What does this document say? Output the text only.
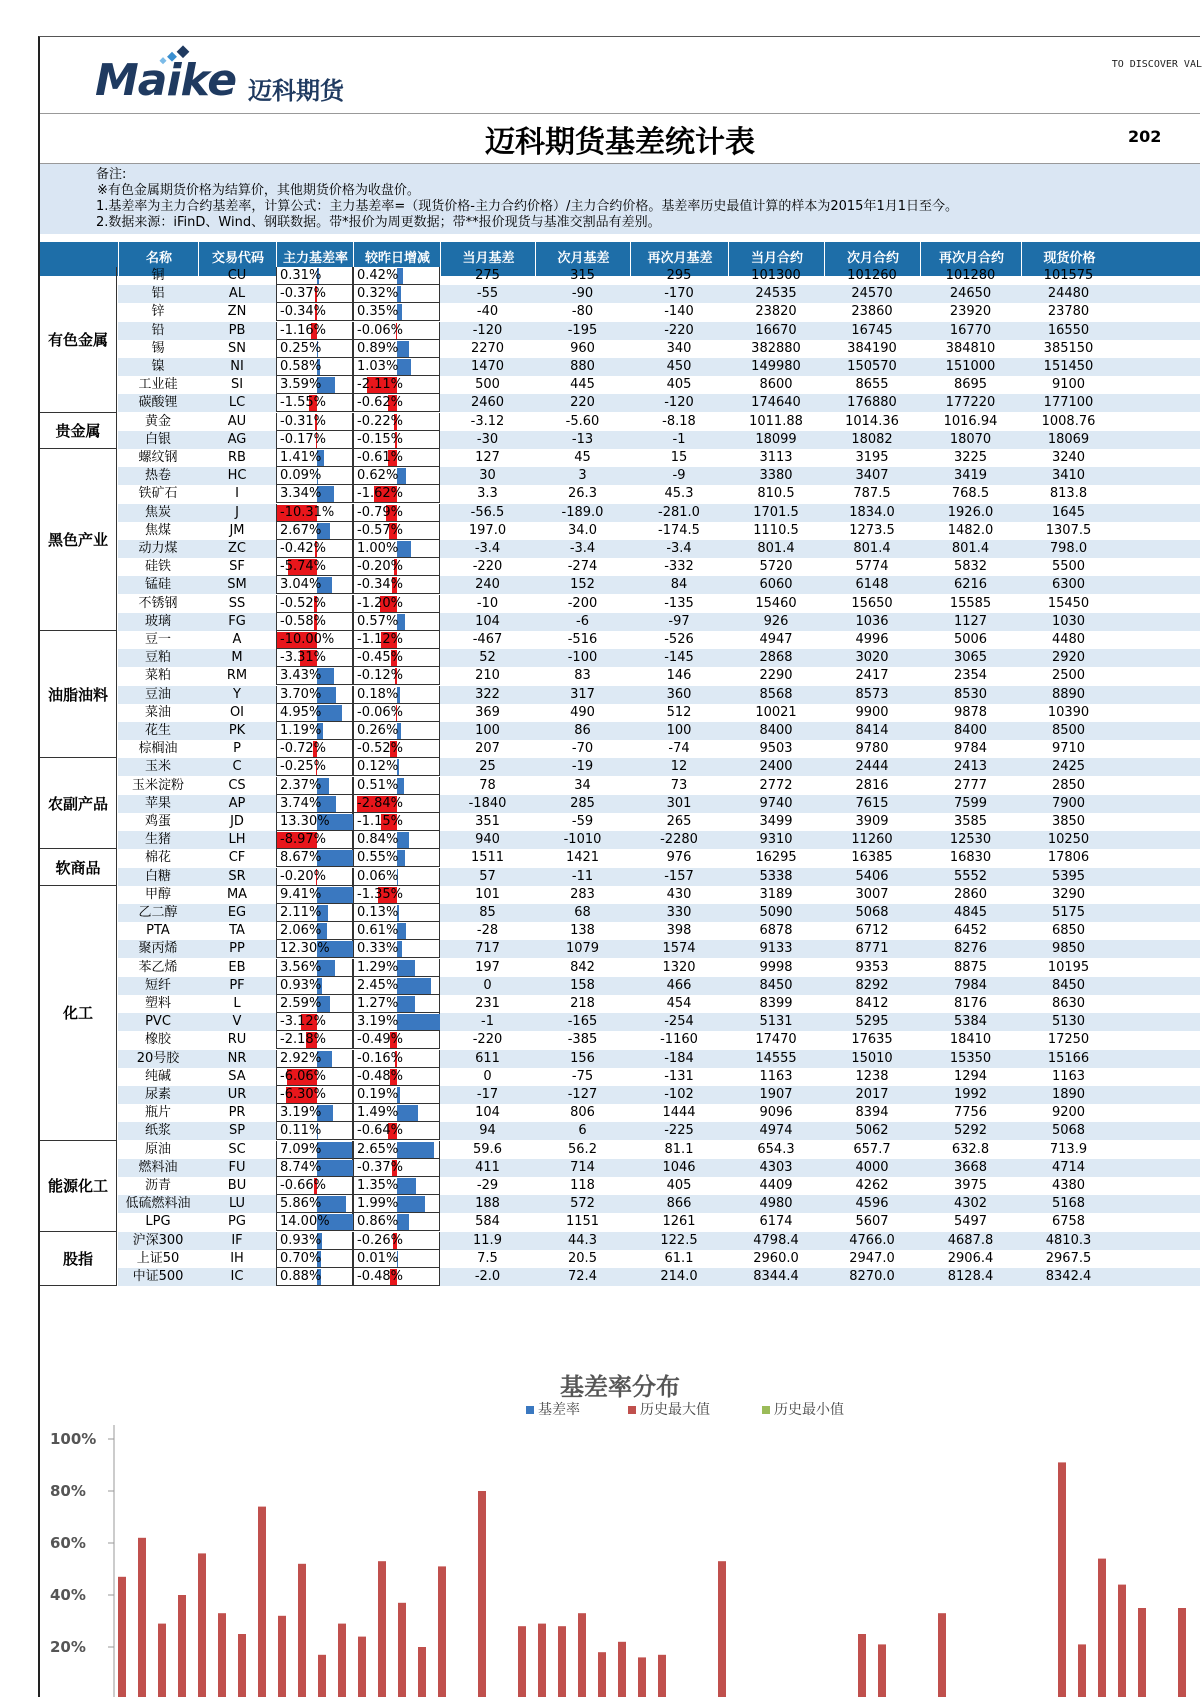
Maike 迈科期货
TO DISCOVER VAL
迈科期货基差统计表	202
备注:
※有色金属期货价格为结算价，其他期货价格为收盘价。
1.基差率为主力合约基差率，计算公式：主力基差率=（现货价格-主力合约价格）/主力合约价格。基差率历史最值计算的样本为2015年1月1日至今。
2.数据来源：iFinD、Wind、钢联数据。带*报价为周更数据；带**报价现货与基准交割品有差别。
名称	交易代码	主力基差率	较昨日增减	当月基差	次月基差	再次月基差	当月合约	次月合约	再次月合约	现货价格
铜	CU	0.31%	0.42%	275	315	295	101300	101260	101280	101575
铝	AL	-0.37% 0.32%	-55	-90	-170	24535	24570	24650	24480
锌	ZN	-0.34% 0.35%	-40	-80	-140	23820	23860	23920	23780
铅	PB	-1.16% -0.06%	-120	-195	-220	16670	16745	16770	16550
锡	SN	0.25%	0.89%	2270	960	340	382880	384190	384810	385150
镍	NI	0.58%	1.03%	1470	880	450	149980	150570	151000	151450
工业硅	SI	3.59%	-2.11%	500	445	405	8600	8655	8695	9100
碳酸锂	LC	-1.55% -0.62%	2460	220	-120	174640	176880	177220	177100
有色金属
黄金	AU	-0.31% -0.22%	-3.12	-5.60	-8.18	1011.88	1014.36	1016.94	1008.76
白银	AG	-0.17% -0.15%	-30	-13	-1	18099	18082	18070	18069
贵金属
螺纹钢	RB	1.41%	-0.61%	127	45	15	3113	3195	3225	3240
热卷	HC	0.09%	0.62%	30	3	-9	3380	3407	3419	3410
铁矿石	I	3.34%	-1.62%	3.3	26.3	45.3	810.5	787.5	768.5	813.8
焦炭	J	-10.31% -0.79%	-56.5	-189.0	-281.0	1701.5	1834.0	1926.0	1645
焦煤	JM	2.67%	-0.57%	197.0	34.0	-174.5	1110.5	1273.5	1482.0	1307.5
动力煤	ZC	-0.42% 1.00%	-3.4	-3.4	-3.4	801.4	801.4	801.4	798.0
硅铁	SF	-5.74% -0.20%	-220	-274	-332	5720	5774	5832	5500
锰硅	SM	3.04%	-0.34%	240	152	84	6060	6148	6216	6300
不锈钢	SS	-0.52% -1.20%	-10	-200	-135	15460	15650	15585	15450
玻璃	FG	-0.58% 0.57%	104	-6	-97	926	1036	1127	1030
黑色产业
豆一	A	-10.00% -1.12%	-467	-516	-526	4947	4996	5006	4480
豆粕	M	-3.31% -0.45%	52	-100	-145	2868	3020	3065	2920
菜粕	RM	3.43%	-0.12%	210	83	146	2290	2417	2354	2500
豆油	Y	3.70%	0.18%	322	317	360	8568	8573	8530	8890
菜油	OI	4.95%	-0.06%	369	490	512	10021	9900	9878	10390
花生	PK	1.19%	0.26%	100	86	100	8400	8414	8400	8500
棕榈油	P	-0.72% -0.52%	207	-70	-74	9503	9780	9784	9710
油脂油料
玉米	C	-0.25% 0.12%	25	-19	12	2400	2444	2413	2425
玉米淀粉	CS	2.37%	0.51%	78	34	73	2772	2816	2777	2850
苹果	AP	3.74%	-2.84%	-1840	285	301	9740	7615	7599	7900
鸡蛋	JD	13.30% -1.15%	351	-59	265	3499	3909	3585	3850
生猪	LH	-8.97% 0.84%	940	-1010	-2280	9310	11260	12530	10250
农副产品
棉花	CF	8.67%	0.55%	1511	1421	976	16295	16385	16830	17806
白糖	SR	-0.20% 0.06%	57	-11	-157	5338	5406	5552	5395
软商品
甲醇	MA	9.41%	-1.35%	101	283	430	3189	3007	2860	3290
乙二醇	EG	2.11%	0.13%	85	68	330	5090	5068	4845	5175
PTA	TA	2.06%	0.61%	-28	138	398	6878	6712	6452	6850
聚丙烯	PP	12.30% 0.33%	717	1079	1574	9133	8771	8276	9850
苯乙烯	EB	3.56%	1.29%	197	842	1320	9998	9353	8875	10195
短纤	PF	0.93%	2.45%	0	158	466	8450	8292	7984	8450
塑料	L	2.59%	1.27%	231	218	454	8399	8412	8176	8630
PVC	V	-3.12% 3.19%	-1	-165	-254	5131	5295	5384	5130
橡胶	RU	-2.18% -0.49%	-220	-385	-1160	17470	17635	18410	17250
20号胶	NR	2.92%	-0.16%	611	156	-184	14555	15010	15350	15166
纯碱	SA	-6.06% -0.48%	0	-75	-131	1163	1238	1294	1163
尿素	UR	-6.30% 0.19%	-17	-127	-102	1907	2017	1992	1890
瓶片	PR	3.19%	1.49%	104	806	1444	9096	8394	7756	9200
纸浆	SP	0.11%	-0.64%	94	6	-225	4974	5062	5292	5068
化工
原油	SC	7.09%	2.65%	59.6	56.2	81.1	654.3	657.7	632.8	713.9
燃料油	FU	8.74%	-0.37%	411	714	1046	4303	4000	3668	4714
沥青	BU	-0.66% 1.35%	-29	118	405	4409	4262	3975	4380
低硫燃料油	LU	5.86%	1.99%	188	572	866	4980	4596	4302	5168
LPG	PG	14.00% 0.86%	584	1151	1261	6174	5607	5497	6758
能源化工
沪深300	IF	0.93%	-0.26%	11.9	44.3	122.5	4798.4	4766.0	4687.8	4810.3
上证50	IH	0.70%	0.01%	7.5	20.5	61.1	2960.0	2947.0	2906.4	2967.5
中证500	IC	0.88%	-0.48%	-2.0	72.4	214.0	8344.4	8270.0	8128.4	8342.4
股指
基差率分布
基差率	历史最大值	历史最小值
100%
80%
60%
40%
20%
